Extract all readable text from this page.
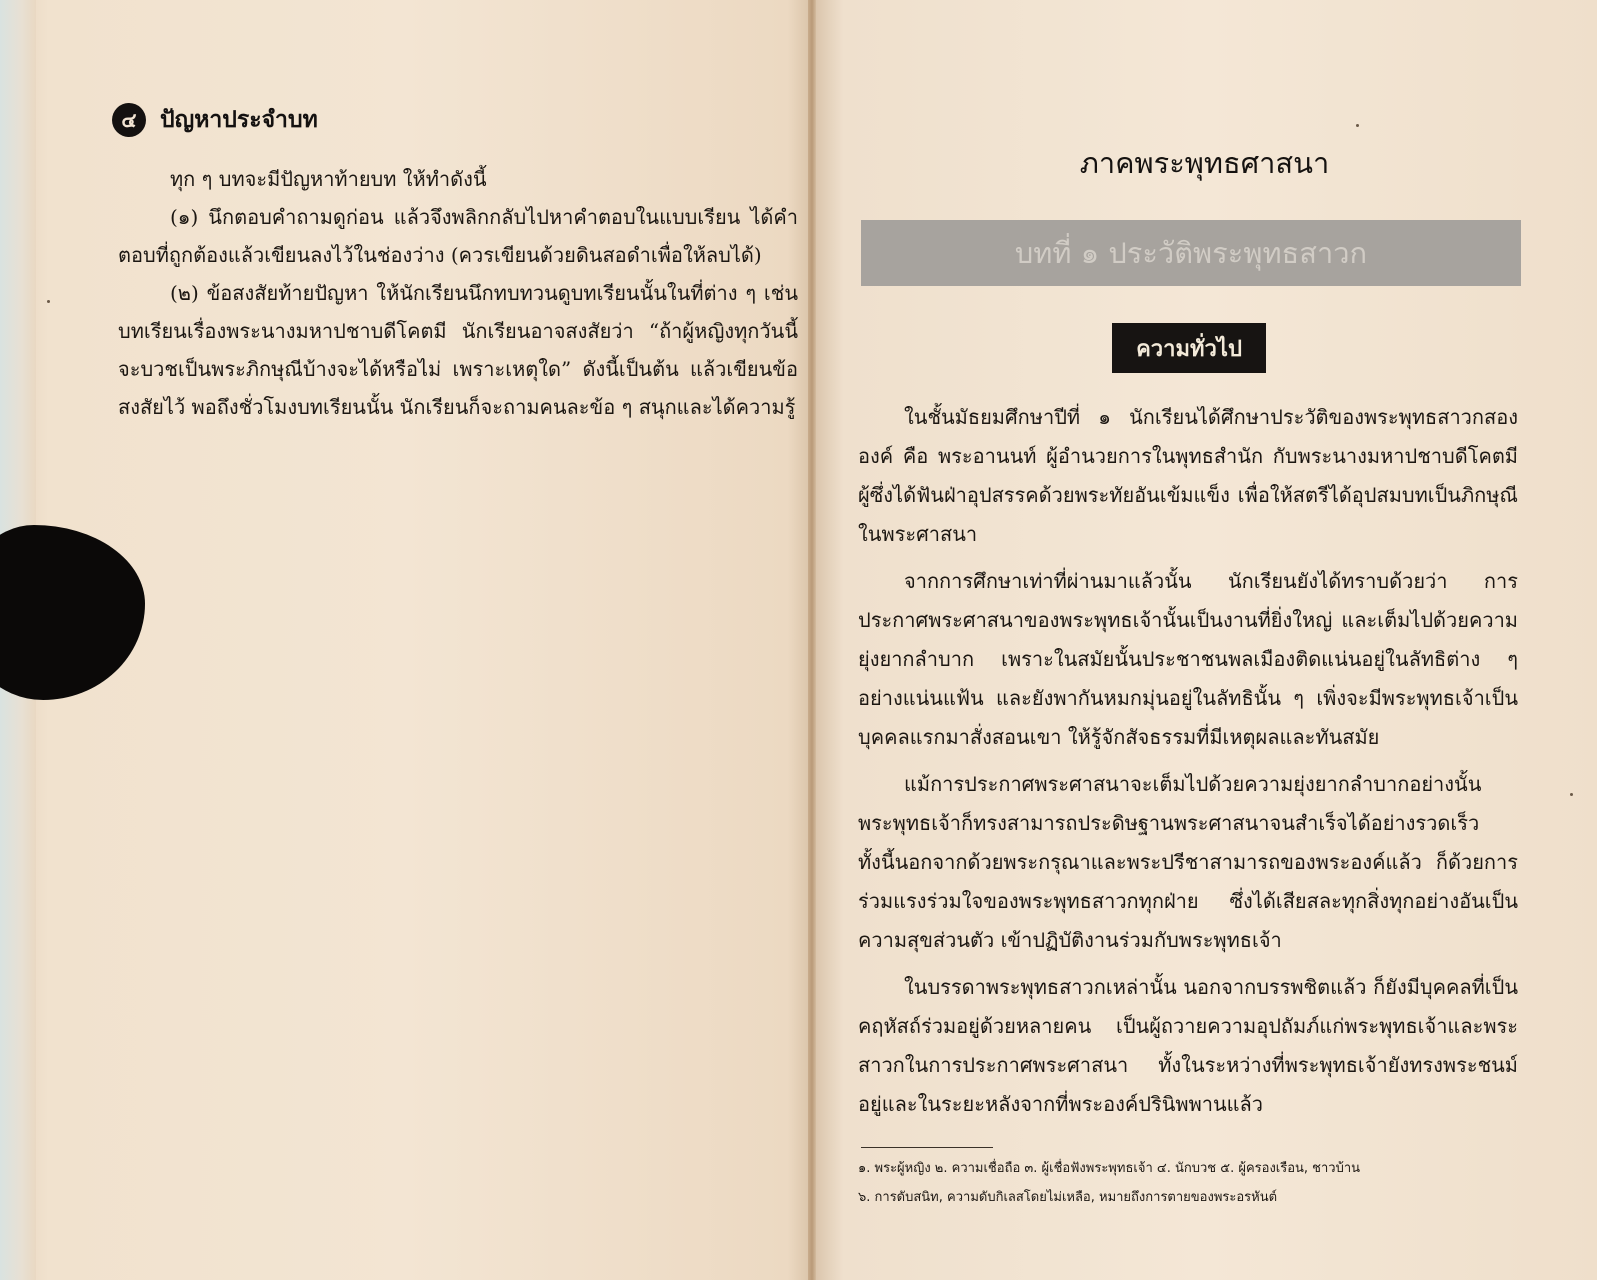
๔	ปัญหาประจำบท

ทุก ๆ บทจะมีปัญหาท้ายบท ให้ทำดังนี้

(๑) นึกตอบคำถามดูก่อน แล้วจึงพลิกกลับไปหาคำตอบในแบบเรียน ได้คำตอบที่ถูกต้องแล้วเขียนลงไว้ในช่องว่าง (ควรเขียนด้วยดินสอดำเพื่อให้ลบได้)

(๒) ข้อสงสัยท้ายปัญหา ให้นักเรียนนึกทบทวนดูบทเรียนนั้นในที่ต่าง ๆ เช่นบทเรียนเรื่องพระนางมหาปชาบดีโคตมี นักเรียนอาจสงสัยว่า “ถ้าผู้หญิงทุกวันนี้จะบวชเป็นพระภิกษุณีบ้างจะได้หรือไม่ เพราะเหตุใด” ดังนี้เป็นต้น แล้วเขียนข้อสงสัยไว้ พอถึงชั่วโมงบทเรียนนั้น นักเรียนก็จะถามคนละข้อ ๆ สนุกและได้ความรู้

ภาคพระพุทธศาสนา
บทที่ ๑ ประวัติพระพุทธสาวก
ความทั่วไป

ในชั้นมัธยมศึกษาปีที่ ๑ นักเรียนได้ศึกษาประวัติของพระพุทธสาวกสององค์ คือ พระอานนท์ ผู้อำนวยการในพุทธสำนัก กับพระนางมหาปชาบดีโคตมี ผู้ซึ่งได้ฟันฝ่าอุปสรรคด้วยพระทัยอันเข้มแข็ง เพื่อให้สตรีได้อุปสมบทเป็นภิกษุณีในพระศาสนา

จากการศึกษาเท่าที่ผ่านมาแล้วนั้น นักเรียนยังได้ทราบด้วยว่า การประกาศพระศาสนาของพระพุทธเจ้านั้นเป็นงานที่ยิ่งใหญ่ และเต็มไปด้วยความยุ่งยากลำบาก เพราะในสมัยนั้นประชาชนพลเมืองติดแน่นอยู่ในลัทธิต่าง ๆ อย่างแน่นแฟ้น และยังพากันหมกมุ่นอยู่ในลัทธินั้น ๆ เพิ่งจะมีพระพุทธเจ้าเป็นบุคคลแรกมาสั่งสอนเขา ให้รู้จักสัจธรรมที่มีเหตุผลและทันสมัย

แม้การประกาศพระศาสนาจะเต็มไปด้วยความยุ่งยากลำบากอย่างนั้น พระพุทธเจ้าก็ทรงสามารถประดิษฐานพระศาสนาจนสำเร็จได้อย่างรวดเร็ว ทั้งนี้นอกจากด้วยพระกรุณาและพระปรีชาสามารถของพระองค์แล้ว ก็ด้วยการร่วมแรงร่วมใจของพระพุทธสาวกทุกฝ่าย ซึ่งได้เสียสละทุกสิ่งทุกอย่างอันเป็นความสุขส่วนตัว เข้าปฏิบัติงานร่วมกับพระพุทธเจ้า

ในบรรดาพระพุทธสาวกเหล่านั้น นอกจากบรรพชิตแล้ว ก็ยังมีบุคคลที่เป็นคฤหัสถ์ร่วมอยู่ด้วยหลายคน เป็นผู้ถวายความอุปถัมภ์แก่พระพุทธเจ้าและพระสาวกในการประกาศพระศาสนา ทั้งในระหว่างที่พระพุทธเจ้ายังทรงพระชนม์อยู่และในระยะหลังจากที่พระองค์ปรินิพพานแล้ว

๑. พระผู้หญิง ๒. ความเชื่อถือ ๓. ผู้เชื่อฟังพระพุทธเจ้า ๔. นักบวช ๕. ผู้ครองเรือน, ชาวบ้าน
๖. การดับสนิท, ความดับกิเลสโดยไม่เหลือ, หมายถึงการตายของพระอรหันต์
